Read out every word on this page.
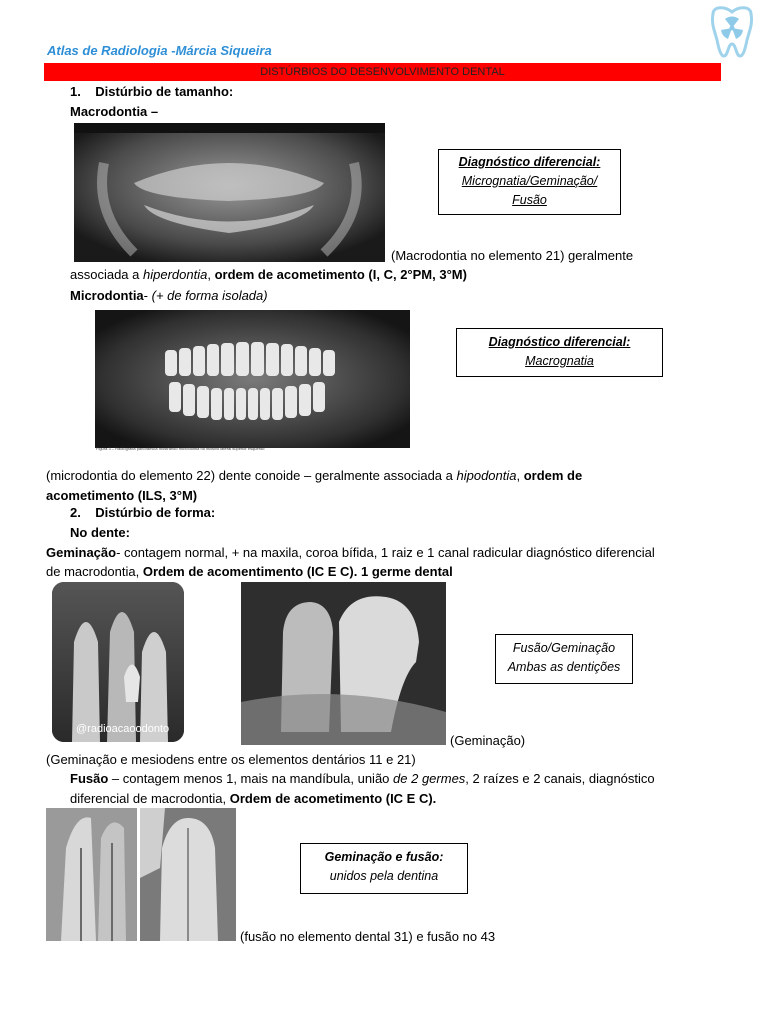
Atlas de Radiologia -Márcia Siqueira
DISTÚRBIOS DO DESENVOLVIMENTO DENTAL
1. Distúrbio de tamanho:
Macrodontia –
(Macrodontia no elemento 21) geralmente
associada a hiperdontia, ordem de acometimento (I, C, 2°PM, 3°M)
Microdontia- (+ de forma isolada)
Diagnóstico diferencial:
Micrognatia/Geminação/
Fusão
Figura 3 – Radiografia panorâmica mostrando microdontia no incisivo lateral superior esquerdo
Diagnóstico diferencial:
Macrognatia
(microdontia do elemento 22) dente conoide – geralmente associada a hipodontia, ordem de
acometimento (ILS, 3°M)
2. Distúrbio de forma:
No dente:
Geminação- contagem normal, + na maxila, coroa bífida, 1 raiz e 1 canal radicular diagnóstico diferencial
de macrodontia, Ordem de acomentimento (IC E C). 1 germe dental
@radioacaoodonto
Fusão/Geminação
Ambas as dentições
(Geminação)
(Geminação e mesiodens entre os elementos dentários 11 e 21)
Fusão – contagem menos 1, mais na mandíbula, união de 2 germes, 2 raízes e 2 canais, diagnóstico
diferencial de macrodontia, Ordem de acometimento (IC E C).
Geminação e fusão:
unidos pela dentina
(fusão no elemento dental 31) e fusão no 43
